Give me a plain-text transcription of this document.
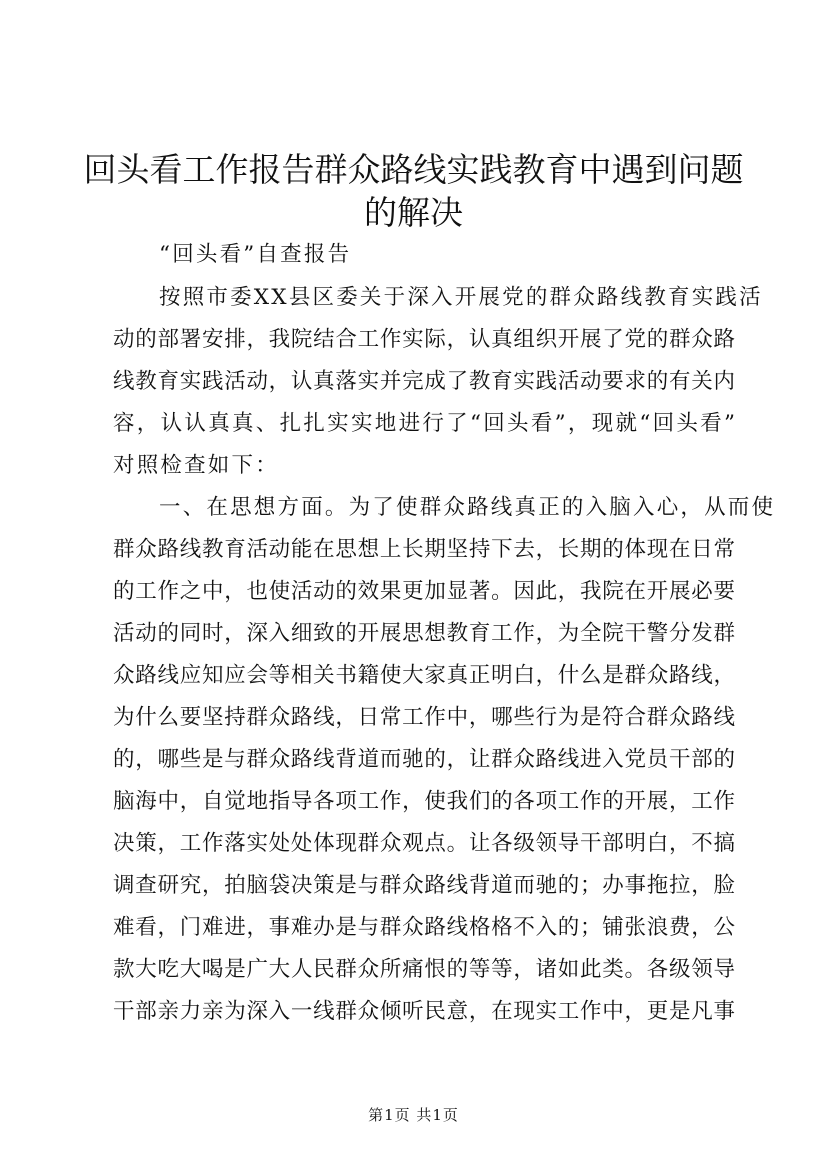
回头看工作报告群众路线实践教育中遇到问题
的解决
“回头看”自查报告
按照市委XX县区委关于深入开展党的群众路线教育实践活
动的部署安排，我院结合工作实际，认真组织开展了党的群众路
线教育实践活动，认真落实并完成了教育实践活动要求的有关内
容，认认真真、扎扎实实地进行了“回头看”，现就“回头看”
对照检查如下：
一、在思想方面。为了使群众路线真正的入脑入心，从而使
群众路线教育活动能在思想上长期坚持下去，长期的体现在日常
的工作之中，也使活动的效果更加显著。因此，我院在开展必要
活动的同时，深入细致的开展思想教育工作，为全院干警分发群
众路线应知应会等相关书籍使大家真正明白，什么是群众路线，
为什么要坚持群众路线，日常工作中，哪些行为是符合群众路线
的，哪些是与群众路线背道而驰的，让群众路线进入党员干部的
脑海中，自觉地指导各项工作，使我们的各项工作的开展，工作
决策，工作落实处处体现群众观点。让各级领导干部明白，不搞
调查研究，拍脑袋决策是与群众路线背道而驰的；办事拖拉，脸
难看，门难进，事难办是与群众路线格格不入的；铺张浪费，公
款大吃大喝是广大人民群众所痛恨的等等，诸如此类。各级领导
干部亲力亲为深入一线群众倾听民意，在现实工作中，更是凡事
第1页 共1页
